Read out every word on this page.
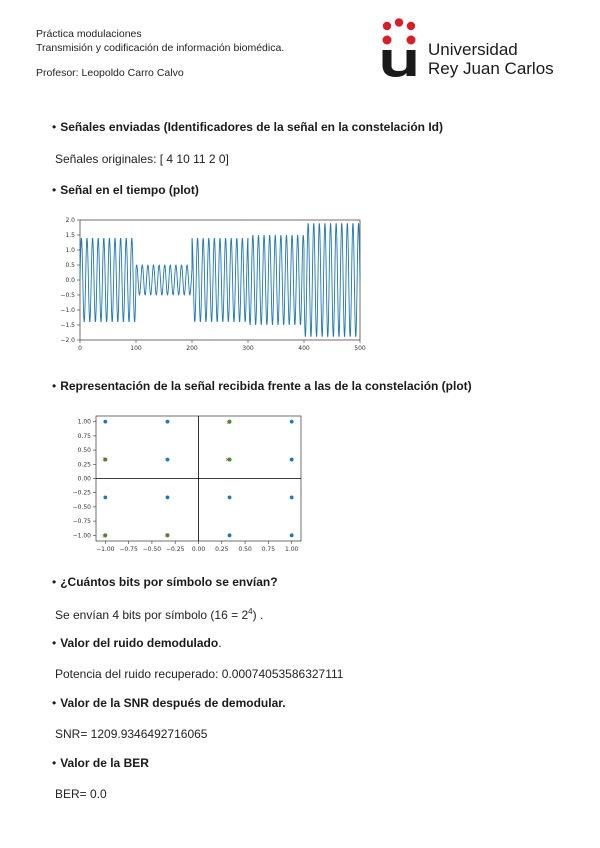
Práctica modulaciones
Transmisión y codificación de información biomédica.
Profesor: Leopoldo Carro Calvo
Universidad
Rey Juan Carlos
• Señales enviadas (Identificadores de la señal en la constelación Id)
Señales originales: [ 4 10 11 2 0]
• Señal en el tiempo (plot)
2.0
1.5
1.0
0.5
0.0
−0.5
−1.0
−1.5
−2.0
0	100	200	300	400	500
• Representación de la señal recibida frente a las de la constelación (plot)
1.00
0.75
0.50
0.25
0.00
−0.25
−0.50
−0.75
−1.00
−1.00 −0.75 −0.50 −0.25 0.00 0.25 0.50 0.75 1.00
×
×	×
×
×
• ¿Cuántos bits por símbolo se envían?
Se envían 4 bits por símbolo $(16 = 2^4)$ .
• Valor del ruido demodulado.
Potencia del ruido recuperado: 0.00074053586327111
• Valor de la SNR después de demodular.
SNR= 1209.9346492716065
• Valor de la BER
BER= 0.0
